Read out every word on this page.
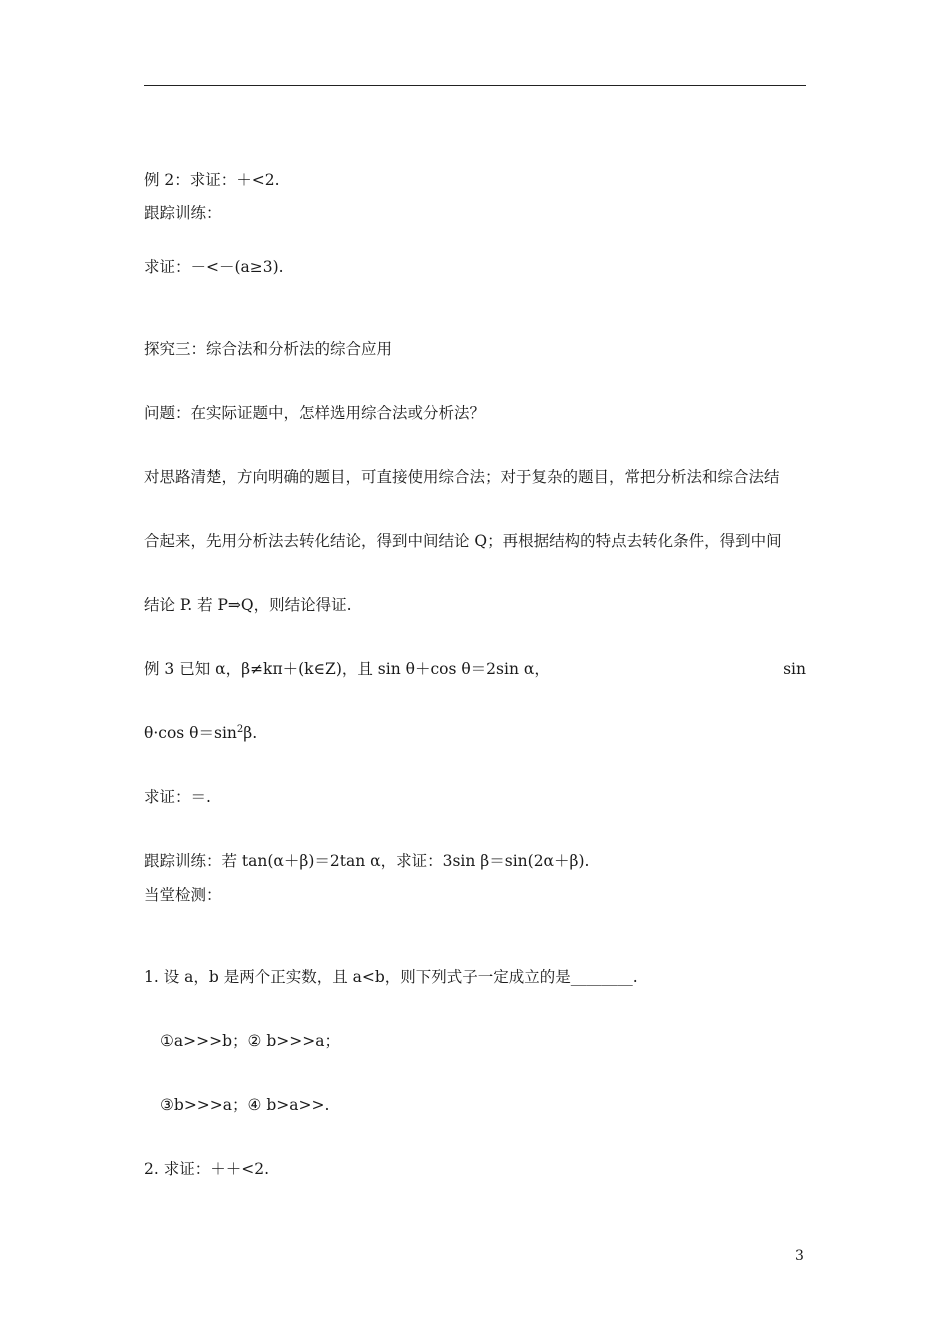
例 2：求证：＋<2.
跟踪训练：
求证：－<－(a≥3).
探究三：综合法和分析法的综合应用
问题：在实际证题中，怎样选用综合法或分析法？
对思路清楚，方向明确的题目，可直接使用综合法；对于复杂的题目，常把分析法和综合法结
合起来，先用分析法去转化结论，得到中间结论 Q；再根据结构的特点去转化条件，得到中间
结论 P. 若 P⇒Q，则结论得证.
例 3 已知 α，β≠kπ＋(k∈Z)，且 sin θ＋cos θ＝2sin α，	sin
θ·cos $\theta=\sin^2\beta$.
求证：＝.
跟踪训练：若 tan(α＋β)＝2tan α，求证：3sin β＝sin(2α＋β).
当堂检测：
1. 设 a，b 是两个正实数，且 a<b，则下列式子一定成立的是________.
①a>>>b；② b>>>a；
③b>>>a；④ b>a>>.
2. 求证：＋＋<2.
3
